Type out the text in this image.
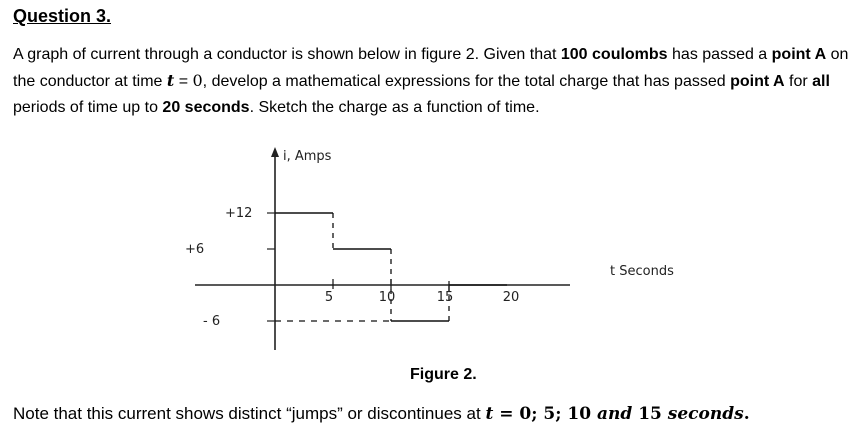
Question 3.
A graph of current through a conductor is shown below in figure 2. Given that 100 coulombs has passed a point A on the conductor at time t = 0, develop a mathematical expressions for the total charge that has passed point A for all periods of time up to 20 seconds. Sketch the charge as a function of time.
i, Amps
t Seconds
+12
+6
- 6
5	10	15	20
Figure 2.
Note that this current shows distinct “jumps” or discontinues at t = 0; 5; 10 and 15 seconds.
